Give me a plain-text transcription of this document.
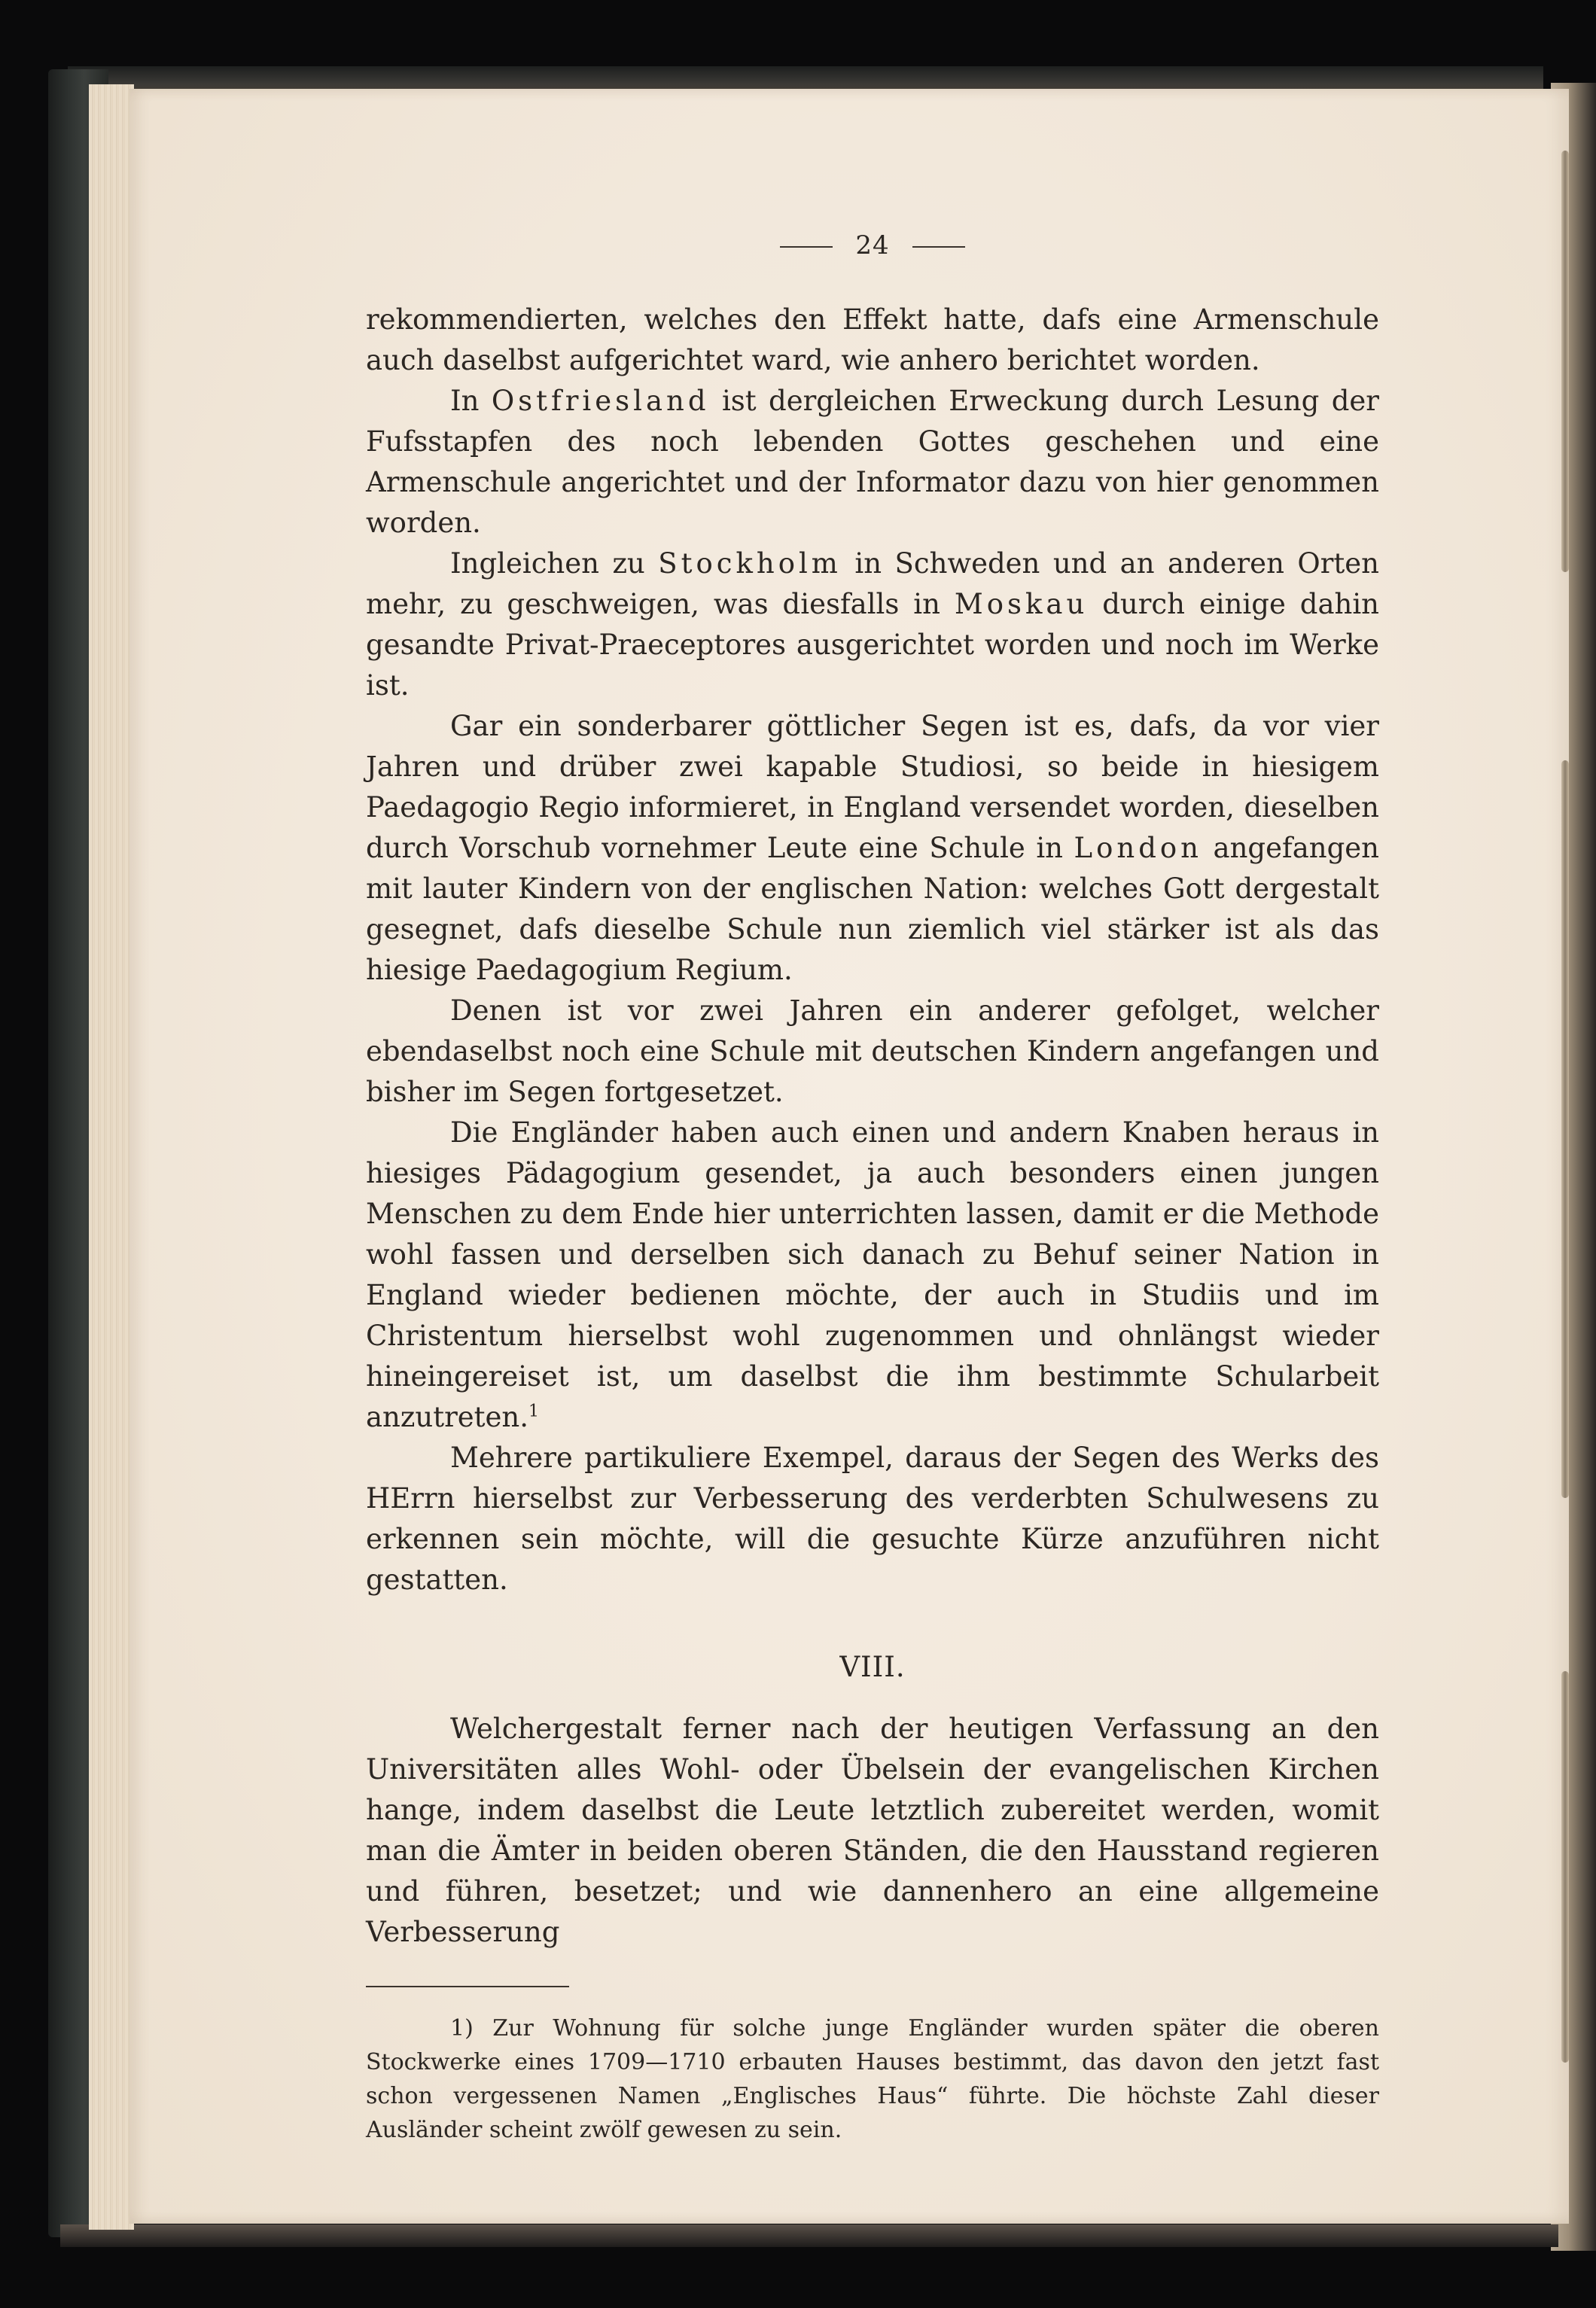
24

rekommendierten, welches den Effekt hatte, dafs eine Armenschule auch daselbst aufgerichtet ward, wie anhero berichtet worden.

In Ostfriesland ist dergleichen Erweckung durch Lesung der Fufsstapfen des noch lebenden Gottes geschehen und eine Armenschule angerichtet und der Informator dazu von hier genommen worden.

Ingleichen zu Stockholm in Schweden und an anderen Orten mehr, zu geschweigen, was diesfalls in Moskau durch einige dahin gesandte Privat-Praeceptores ausgerichtet worden und noch im Werke ist.

Gar ein sonderbarer göttlicher Segen ist es, dafs, da vor vier Jahren und drüber zwei kapable Studiosi, so beide in hiesigem Paedagogio Regio informieret, in England versendet worden, dieselben durch Vorschub vornehmer Leute eine Schule in London angefangen mit lauter Kindern von der englischen Nation: welches Gott dergestalt gesegnet, dafs dieselbe Schule nun ziemlich viel stärker ist als das hiesige Paedagogium Regium.

Denen ist vor zwei Jahren ein anderer gefolget, welcher ebendaselbst noch eine Schule mit deutschen Kindern angefangen und bisher im Segen fortgesetzet.

Die Engländer haben auch einen und andern Knaben heraus in hiesiges Pädagogium gesendet, ja auch besonders einen jungen Menschen zu dem Ende hier unterrichten lassen, damit er die Methode wohl fassen und derselben sich danach zu Behuf seiner Nation in England wieder bedienen möchte, der auch in Studiis und im Christentum hierselbst wohl zugenommen und ohnlängst wieder hineingereiset ist, um daselbst die ihm bestimmte Schularbeit anzutreten.$^1$

Mehrere partikuliere Exempel, daraus der Segen des Werks des HErrn hierselbst zur Verbesserung des verderbten Schulwesens zu erkennen sein möchte, will die gesuchte Kürze anzuführen nicht gestatten.

VIII.

Welchergestalt ferner nach der heutigen Verfassung an den Universitäten alles Wohl- oder Übelsein der evangelischen Kirchen hange, indem daselbst die Leute letztlich zubereitet werden, womit man die Ämter in beiden oberen Ständen, die den Hausstand regieren und führen, besetzet; und wie dannenhero an eine allgemeine Verbesserung

1) Zur Wohnung für solche junge Engländer wurden später die oberen Stockwerke eines 1709—1710 erbauten Hauses bestimmt, das davon den jetzt fast schon vergessenen Namen „Englisches Haus“ führte. Die höchste Zahl dieser Ausländer scheint zwölf gewesen zu sein.
